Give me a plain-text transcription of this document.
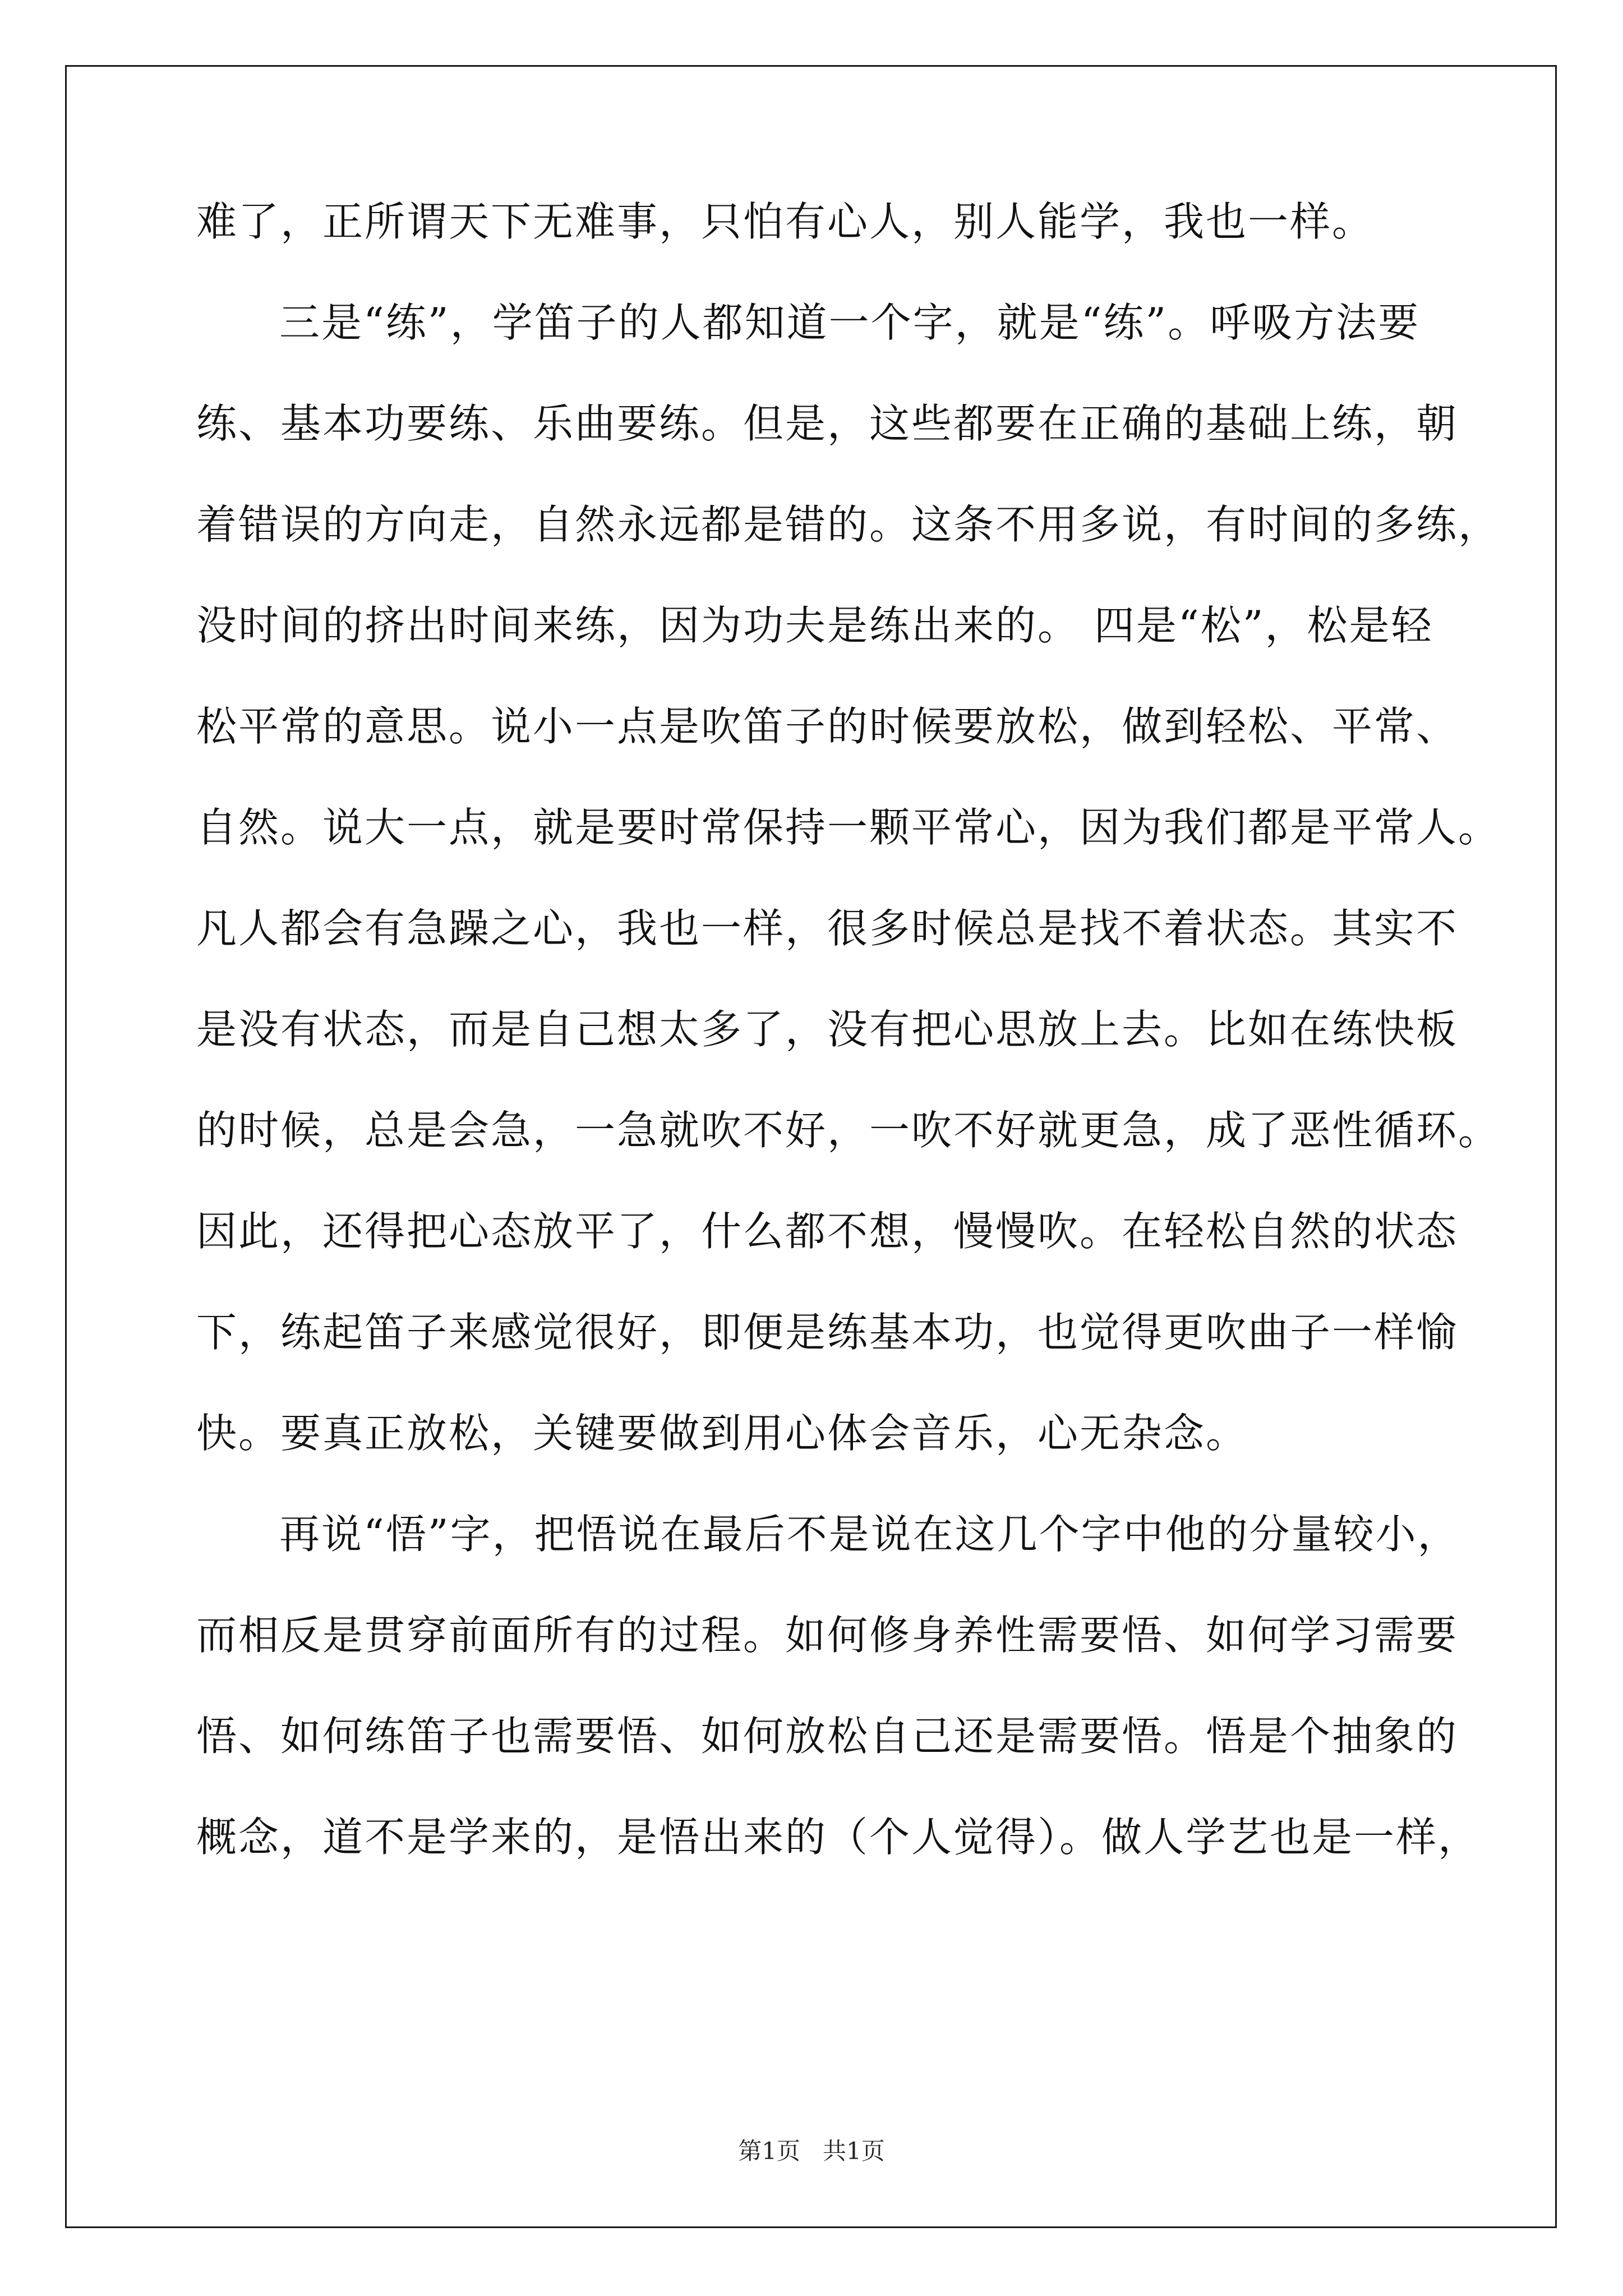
难了，正所谓天下无难事，只怕有心人，别人能学，我也一样。
三是“练”，学笛子的人都知道一个字，就是“练”。呼吸方法要
练、基本功要练、乐曲要练。但是，这些都要在正确的基础上练，朝
着错误的方向走，自然永远都是错的。这条不用多说，有时间的多练，
没时间的挤出时间来练，因为功夫是练出来的。 四是“松”，松是轻
松平常的意思。说小一点是吹笛子的时候要放松，做到轻松、平常、
自然。说大一点，就是要时常保持一颗平常心，因为我们都是平常人。
凡人都会有急躁之心，我也一样，很多时候总是找不着状态。其实不
是没有状态，而是自己想太多了，没有把心思放上去。比如在练快板
的时候，总是会急，一急就吹不好，一吹不好就更急，成了恶性循环。
因此，还得把心态放平了，什么都不想，慢慢吹。在轻松自然的状态
下，练起笛子来感觉很好，即便是练基本功，也觉得更吹曲子一样愉
快。要真正放松，关键要做到用心体会音乐，心无杂念。
再说“悟”字，把悟说在最后不是说在这几个字中他的分量较小，
而相反是贯穿前面所有的过程。如何修身养性需要悟、如何学习需要
悟、如何练笛子也需要悟、如何放松自己还是需要悟。悟是个抽象的
概念，道不是学来的，是悟出来的（个人觉得）。做人学艺也是一样，
第1页   共1页
